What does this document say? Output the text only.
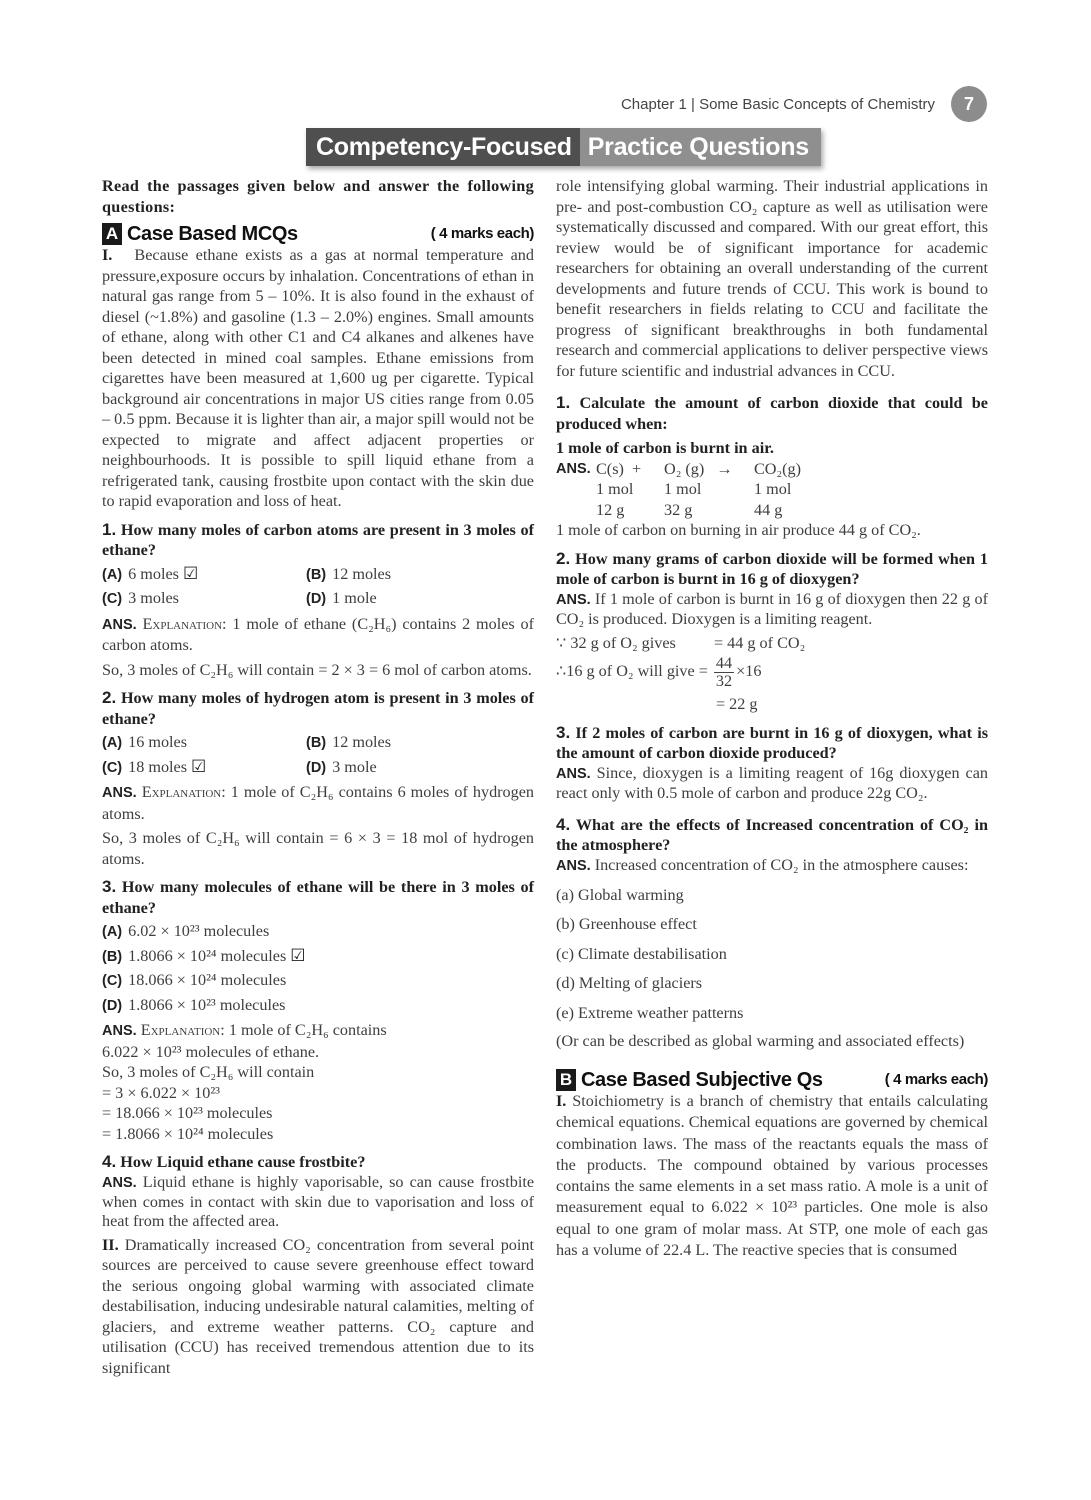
Chapter 1 | Some Basic Concepts of Chemistry	7
Competency-Focused Practice Questions

Read the passages given below and answer the following questions:

A Case Based MCQs	( 4 marks each)

I. Because ethane exists as a gas at normal temperature and pressure,exposure occurs by inhalation. Concentrations of ethan in natural gas range from 5 – 10%. It is also found in the exhaust of diesel (~1.8%) and gasoline (1.3 – 2.0%) engines. Small amounts of ethane, along with other C1 and C4 alkanes and alkenes have been detected in mined coal samples. Ethane emissions from cigarettes have been measured at 1,600 ug per cigarette. Typical background air concentrations in major US cities range from 0.05 – 0.5 ppm. Because it is lighter than air, a major spill would not be expected to migrate and affect adjacent properties or neighbourhoods. It is possible to spill liquid ethane from a refrigerated tank, causing frostbite upon contact with the skin due to rapid evaporation and loss of heat.

1. How many moles of carbon atoms are present in 3 moles of ethane?
(A) 6 moles ☑	(B) 12 moles
(C) 3 moles	(D) 1 mole

ANS. Explanation: 1 mole of ethane (C₂H₆) contains 2 moles of carbon atoms.

So, 3 moles of C₂H₆ will contain = 2 × 3 = 6 mol of carbon atoms.

2. How many moles of hydrogen atom is present in 3 moles of ethane?
(A) 16 moles	(B) 12 moles
(C) 18 moles ☑	(D) 3 mole

ANS. Explanation: 1 mole of C₂H₆ contains 6 moles of hydrogen atoms.

So, 3 moles of C₂H₆ will contain = 6 × 3 = 18 mol of hydrogen atoms.

3. How many molecules of ethane will be there in 3 moles of ethane?
(A) 6.02 × 10²³ molecules
(B) 1.8066 × 10²⁴ molecules ☑
(C) 18.066 × 10²⁴ molecules
(D) 1.8066 × 10²³ molecules
ANS. Explanation: 1 mole of C₂H₆ contains
6.022 × 10²³ molecules of ethane.
So, 3 moles of C₂H₆ will contain
= 3 × 6.022 × 10²³
= 18.066 × 10²³ molecules
= 1.8066 × 10²⁴ molecules
4. How Liquid ethane cause frostbite?

ANS. Liquid ethane is highly vaporisable, so can cause frostbite when comes in contact with skin due to vaporisation and loss of heat from the affected area.

II. Dramatically increased CO₂ concentration from several point sources are perceived to cause severe greenhouse effect toward the serious ongoing global warming with associated climate destabilisation, inducing undesirable natural calamities, melting of glaciers, and extreme weather patterns. CO₂ capture and utilisation (CCU) has received tremendous attention due to its significant

role intensifying global warming. Their industrial applications in pre- and post-combustion CO₂ capture as well as utilisation were systematically discussed and compared. With our great effort, this review would be of significant importance for academic researchers for obtaining an overall understanding of the current developments and future trends of CCU. This work is bound to benefit researchers in fields relating to CCU and facilitate the progress of significant breakthroughs in both fundamental research and commercial applications to deliver perspective views for future scientific and industrial advances in CCU.

1. Calculate the amount of carbon dioxide that could be produced when:
1 mole of carbon is burnt in air.
ANS. C(s) +	O₂ (g) →	CO₂(g)
1 mol	1 mol	1 mol
12 g	32 g	44 g

1 mole of carbon on burning in air produce 44 g of CO₂.

2. How many grams of carbon dioxide will be formed when 1 mole of carbon is burnt in 16 g of dioxygen?

ANS. If 1 mole of carbon is burnt in 16 g of dioxygen then 22 g of CO₂ is produced. Dioxygen is a limiting reagent.

∵ 32 g of O₂ gives = 44 g of CO₂
∴16 g of O₂ will give = $\frac{44}{32} \times 16$
= 22 g
3. If 2 moles of carbon are burnt in 16 g of dioxygen, what is the amount of carbon dioxide produced?

ANS. Since, dioxygen is a limiting reagent of 16g dioxygen can react only with 0.5 mole of carbon and produce 22g CO₂.

4. What are the effects of Increased concentration of CO₂ in the atmosphere?

ANS. Increased concentration of CO₂ in the atmosphere causes:

(a) Global warming
(b) Greenhouse effect
(c) Climate destabilisation
(d) Melting of glaciers
(e) Extreme weather patterns

(Or can be described as global warming and associated effects)

B Case Based Subjective Qs	( 4 marks each)

I. Stoichiometry is a branch of chemistry that entails calculating chemical equations. Chemical equations are governed by chemical combination laws. The mass of the reactants equals the mass of the products. The compound obtained by various processes contains the same elements in a set mass ratio. A mole is a unit of measurement equal to 6.022 × 10²³ particles. One mole is also equal to one gram of molar mass. At STP, one mole of each gas has a volume of 22.4 L. The reactive species that is consumed
